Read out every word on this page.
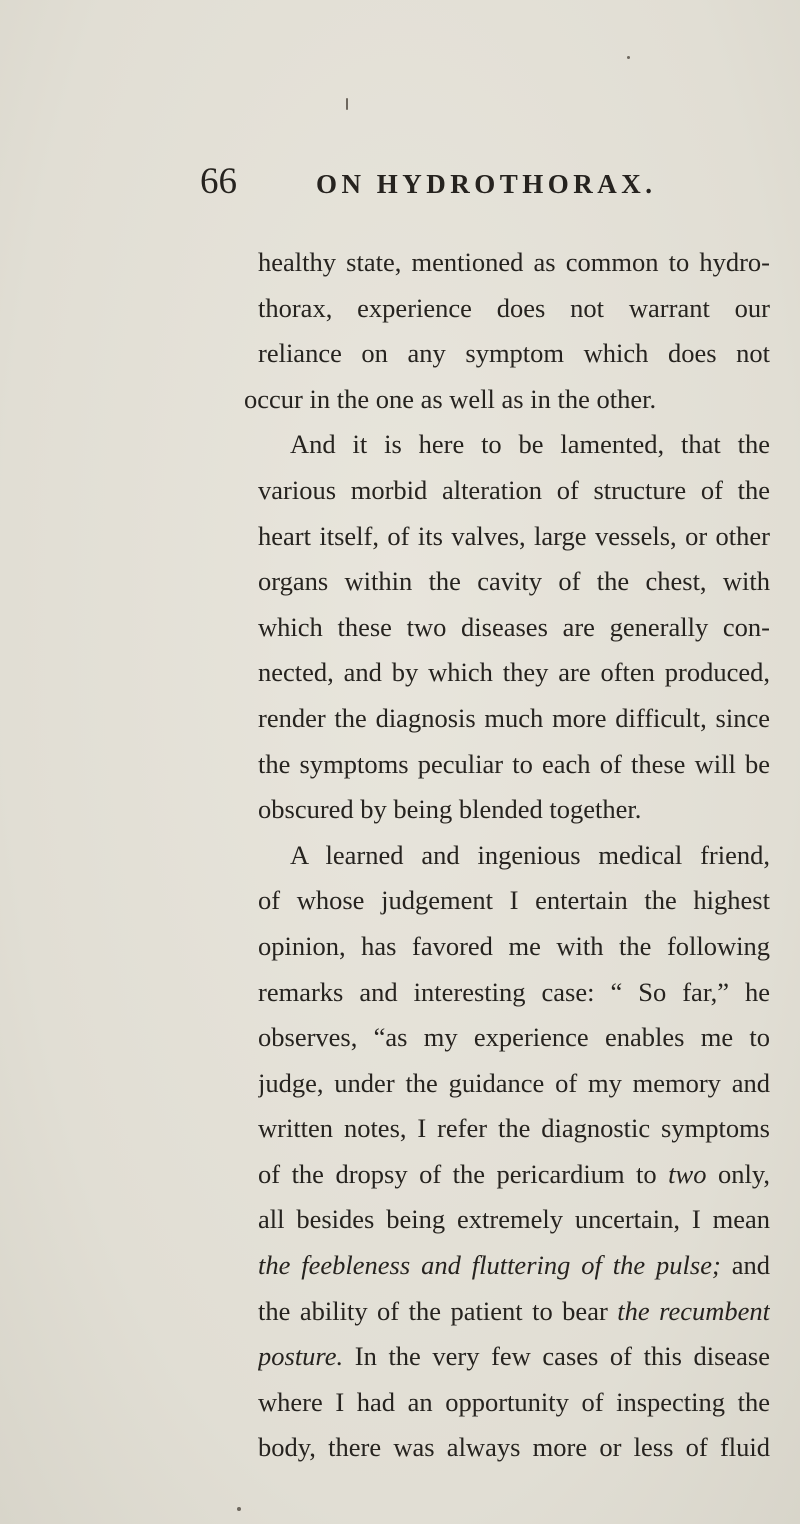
66	ON HYDROTHORAX.
healthy state, mentioned as common to hydro-
thorax, experience does not warrant our
reliance on any symptom which does not
occur in the one as well as in the other.
And it is here to be lamented, that the
various morbid alteration of structure of the
heart itself, of its valves, large vessels, or other
organs within the cavity of the chest, with
which these two diseases are generally con-
nected, and by which they are often produced,
render the diagnosis much more difficult, since
the symptoms peculiar to each of these will be
obscured by being blended together.
A learned and ingenious medical friend,
of whose judgement I entertain the highest
opinion, has favored me with the following
remarks and interesting case: “ So far,” he
observes, “as my experience enables me to
judge, under the guidance of my memory and
written notes, I refer the diagnostic symptoms
of the dropsy of the pericardium to two only,
all besides being extremely uncertain, I mean
the feebleness and fluttering of the pulse; and
the ability of the patient to bear the recumbent
posture. In the very few cases of this disease
where I had an opportunity of inspecting the
body, there was always more or less of fluid
